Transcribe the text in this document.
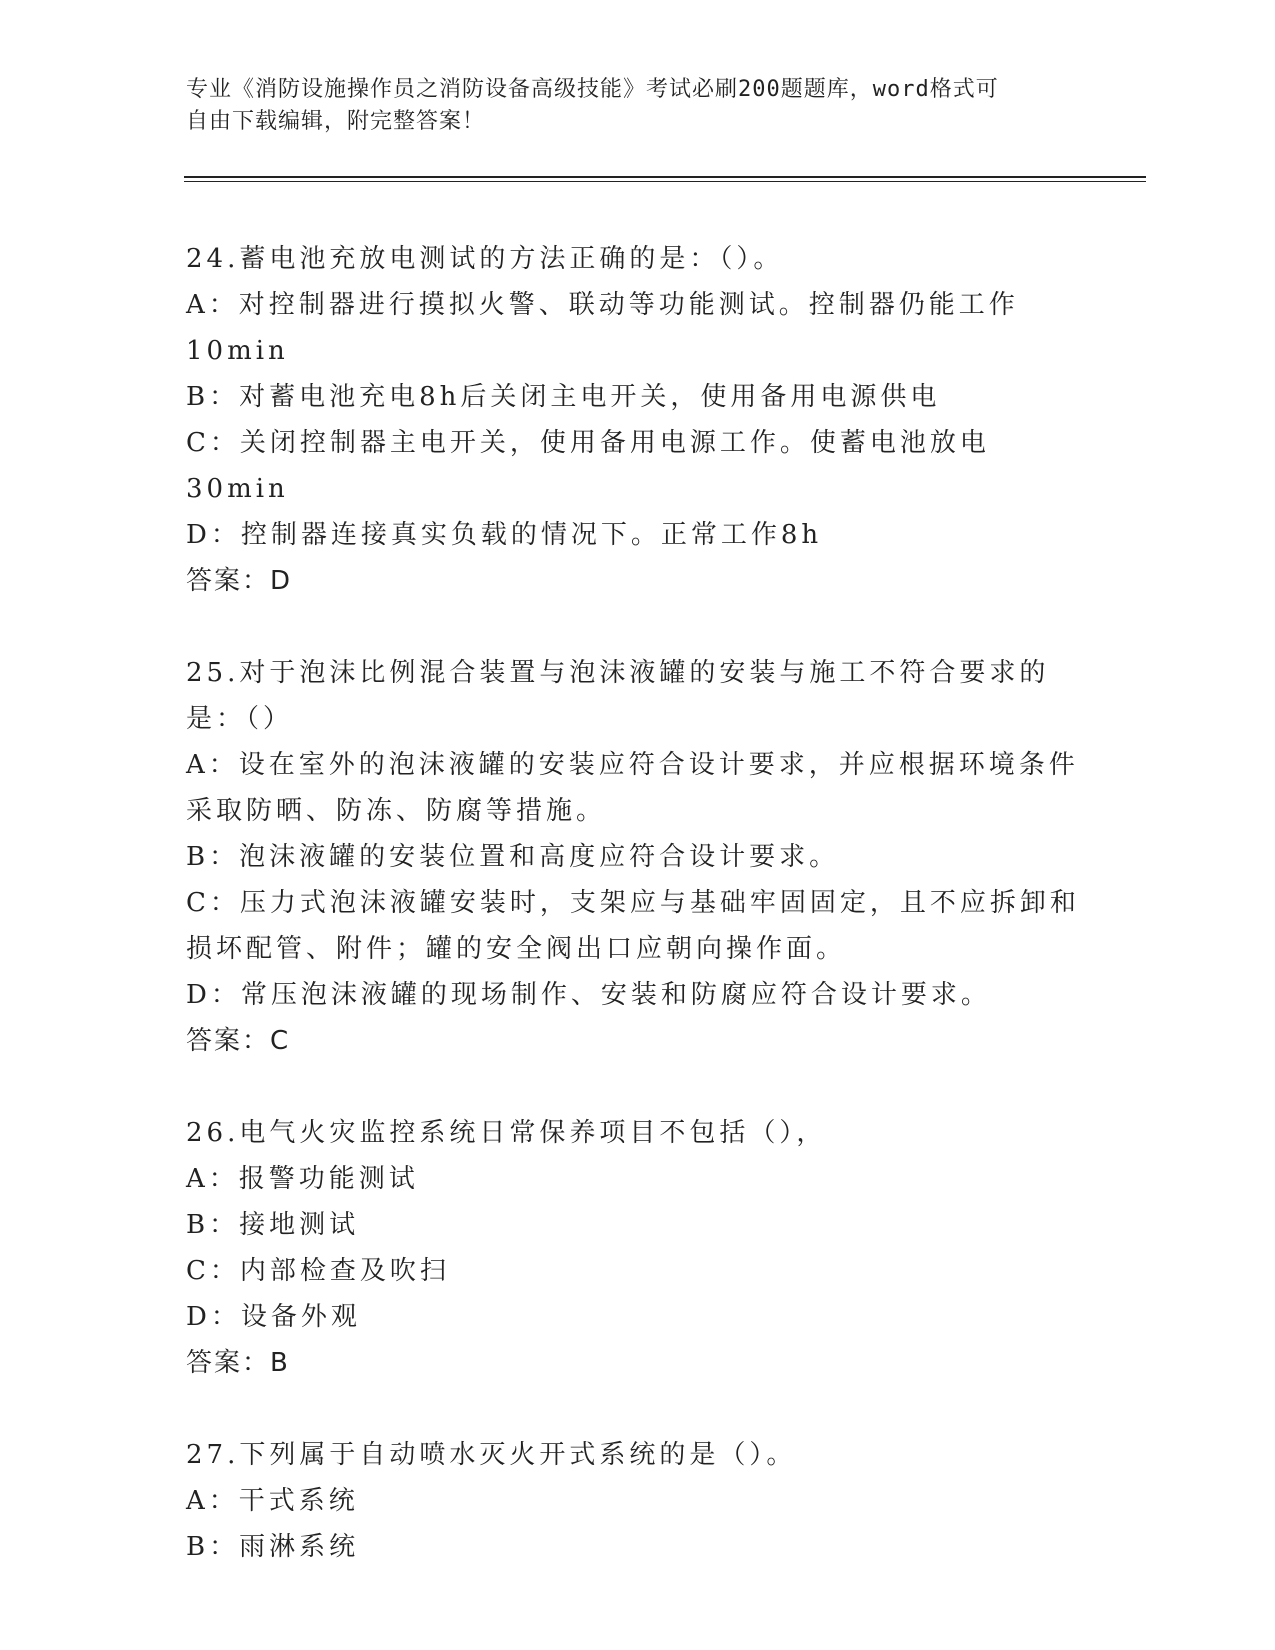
专业《消防设施操作员之消防设备高级技能》考试必刷200题题库，word格式可
自由下载编辑，附完整答案！
24.蓄电池充放电测试的方法正确的是：（）。
A：对控制器进行摸拟火警、联动等功能测试。控制器仍能工作10min
B：对蓄电池充电8h后关闭主电开关，使用备用电源供电
C：关闭控制器主电开关，使用备用电源工作。使蓄电池放电30min
D：控制器连接真实负载的情况下。正常工作8h
答案：D
25.对于泡沫比例混合装置与泡沫液罐的安装与施工不符合要求的是：（）
A：设在室外的泡沫液罐的安装应符合设计要求，并应根据环境条件采取防晒、防冻、防腐等措施。
B：泡沫液罐的安装位置和高度应符合设计要求。
C：压力式泡沫液罐安装时，支架应与基础牢固固定，且不应拆卸和损坏配管、附件；罐的安全阀出口应朝向操作面。
D：常压泡沫液罐的现场制作、安装和防腐应符合设计要求。
答案：C
26.电气火灾监控系统日常保养项目不包括（），
A：报警功能测试
B：接地测试
C：内部检查及吹扫
D：设备外观
答案：B
27.下列属于自动喷水灭火开式系统的是（）。
A：干式系统
B：雨淋系统
